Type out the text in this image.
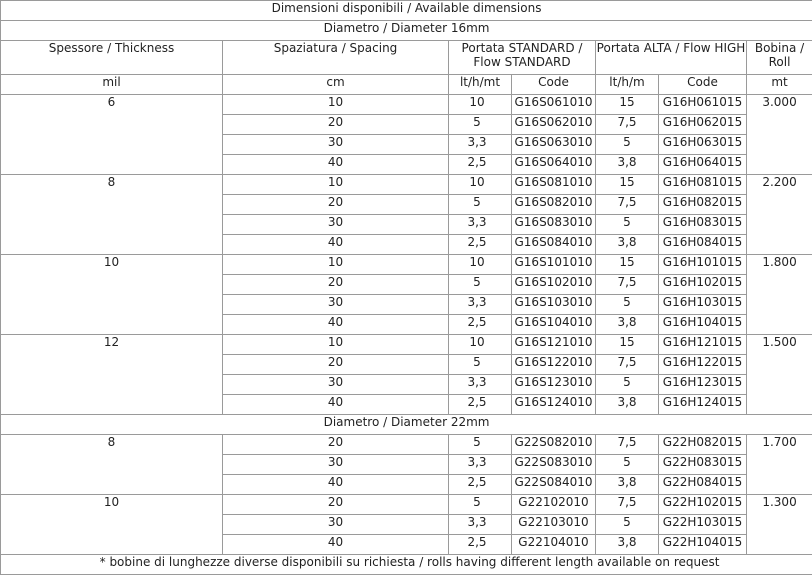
Dimensioni disponibili / Available dimensions						
Diametro / Diameter 16mm						
Spessore / Thickness	Spaziatura / Spacing	Portata STANDARD / Flow STANDARD		Portata ALTA / Flow HIGH		Bobina / Roll
mil	cm	lt/h/mt	Code	lt/h/m	Code	mt
6	10	10	G16S061010	15	G16H061015	3.000
	20	5	G16S062010	7,5	G16H062015	
	30	3,3	G16S063010	5	G16H063015	
	40	2,5	G16S064010	3,8	G16H064015	
8	10	10	G16S081010	15	G16H081015	2.200
	20	5	G16S082010	7,5	G16H082015	
	30	3,3	G16S083010	5	G16H083015	
	40	2,5	G16S084010	3,8	G16H084015	
10	10	10	G16S101010	15	G16H101015	1.800
	20	5	G16S102010	7,5	G16H102015	
	30	3,3	G16S103010	5	G16H103015	
	40	2,5	G16S104010	3,8	G16H104015	
12	10	10	G16S121010	15	G16H121015	1.500
	20	5	G16S122010	7,5	G16H122015	
	30	3,3	G16S123010	5	G16H123015	
	40	2,5	G16S124010	3,8	G16H124015	
Diametro / Diameter 22mm						
8	20	5	G22S082010	7,5	G22H082015	1.700
	30	3,3	G22S083010	5	G22H083015	
	40	2,5	G22S084010	3,8	G22H084015	
10	20	5	G22102010	7,5	G22H102015	1.300
	30	3,3	G22103010	5	G22H103015	
	40	2,5	G22104010	3,8	G22H104015	
* bobine di lunghezze diverse disponibili su richiesta / rolls having different length available on request						
